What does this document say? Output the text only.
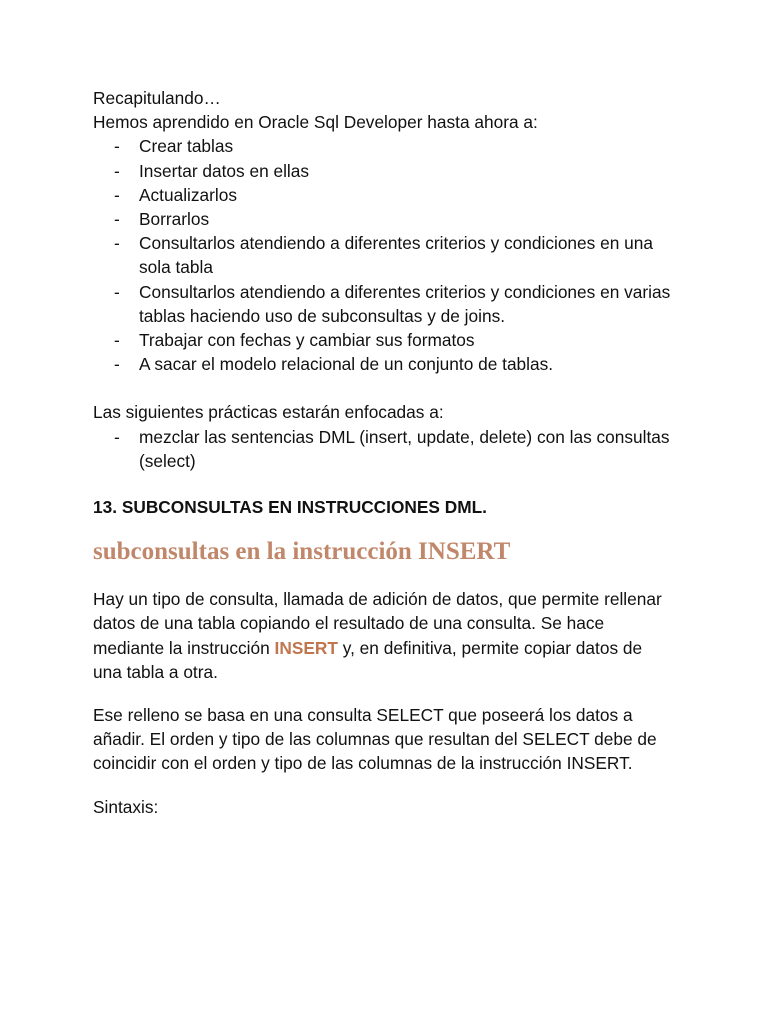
Recapitulando…

Hemos aprendido en Oracle Sql Developer hasta ahora a:

- Crear tablas
- Insertar datos en ellas
- Actualizarlos
- Borrarlos
- Consultarlos atendiendo a diferentes criterios y condiciones en una sola tabla
- Consultarlos atendiendo a diferentes criterios y condiciones en varias tablas haciendo uso de subconsultas y de joins.
- Trabajar con fechas y cambiar sus formatos
- A sacar el modelo relacional de un conjunto de tablas.

Las siguientes prácticas estarán enfocadas a:

- mezclar las sentencias DML (insert, update, delete) con las consultas (select)

13. SUBCONSULTAS EN INSTRUCCIONES DML.

subconsultas en la instrucción INSERT

Hay un tipo de consulta, llamada de adición de datos, que permite rellenar datos de una tabla copiando el resultado de una consulta. Se hace mediante la instrucción INSERT y, en definitiva, permite copiar datos de una tabla a otra.

Ese relleno se basa en una consulta SELECT que poseerá los datos a añadir. El orden y tipo de las columnas que resultan del SELECT debe de coincidir con el orden y tipo de las columnas de la instrucción INSERT.

Sintaxis:
